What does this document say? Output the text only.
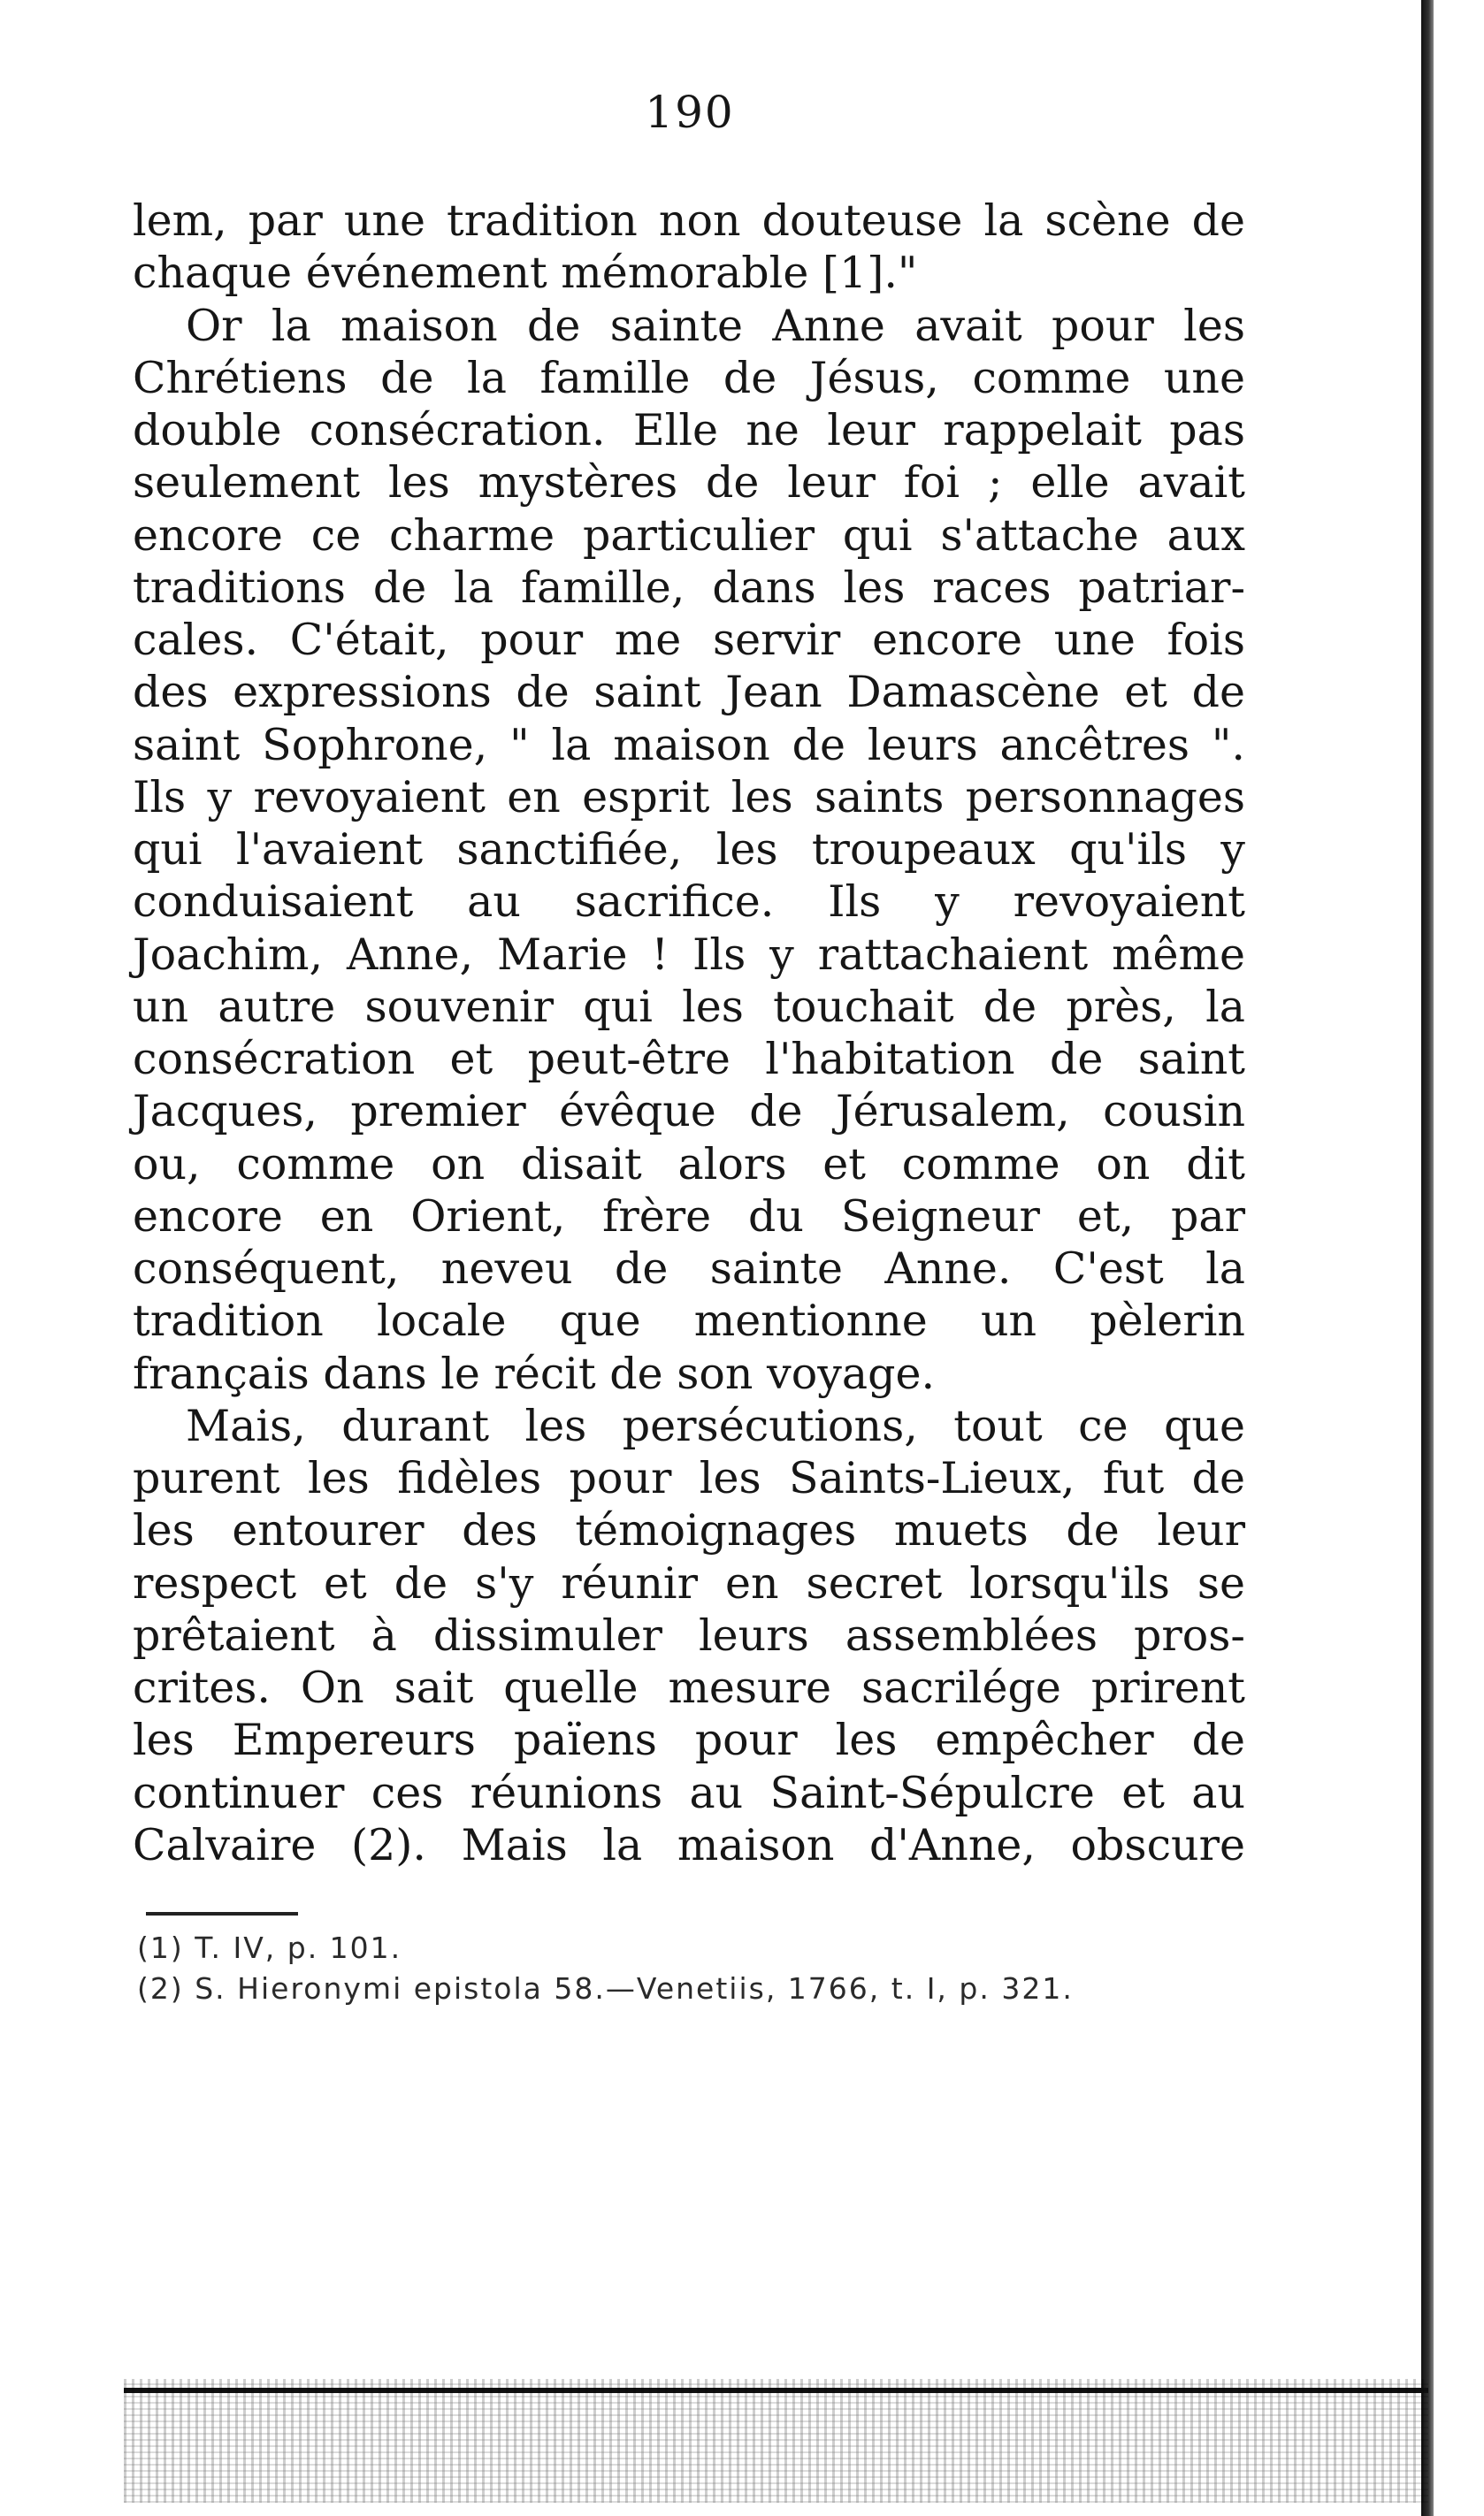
190
lem, par une tradition non douteuse la scène de
chaque événement mémorable [1]."
Or la maison de sainte Anne avait pour les
Chrétiens de la famille de Jésus, comme une
double consécration. Elle ne leur rappelait pas
seulement les mystères de leur foi ; elle avait
encore ce charme particulier qui s'attache aux
traditions de la famille, dans les races patriar-
cales. C'était, pour me servir encore une fois
des expressions de saint Jean Damascène et de
saint Sophrone, " la maison de leurs ancêtres ".
Ils y revoyaient en esprit les saints personnages
qui l'avaient sanctifiée, les troupeaux qu'ils y
conduisaient au sacrifice. Ils y revoyaient
Joachim, Anne, Marie ! Ils y rattachaient même
un autre souvenir qui les touchait de près, la
consécration et peut-être l'habitation de saint
Jacques, premier évêque de Jérusalem, cousin
ou, comme on disait alors et comme on dit
encore en Orient, frère du Seigneur et, par
conséquent, neveu de sainte Anne. C'est la
tradition locale que mentionne un pèlerin
français dans le récit de son voyage.
Mais, durant les persécutions, tout ce que
purent les fidèles pour les Saints-Lieux, fut de
les entourer des témoignages muets de leur
respect et de s'y réunir en secret lorsqu'ils se
prêtaient à dissimuler leurs assemblées pros-
crites. On sait quelle mesure sacrilége prirent
les Empereurs païens pour les empêcher de
continuer ces réunions au Saint-Sépulcre et au
Calvaire (2). Mais la maison d'Anne, obscure
(1) T. IV, p. 101.
(2) S. Hieronymi epistola 58.—Venetiis, 1766, t. I, p. 321.
